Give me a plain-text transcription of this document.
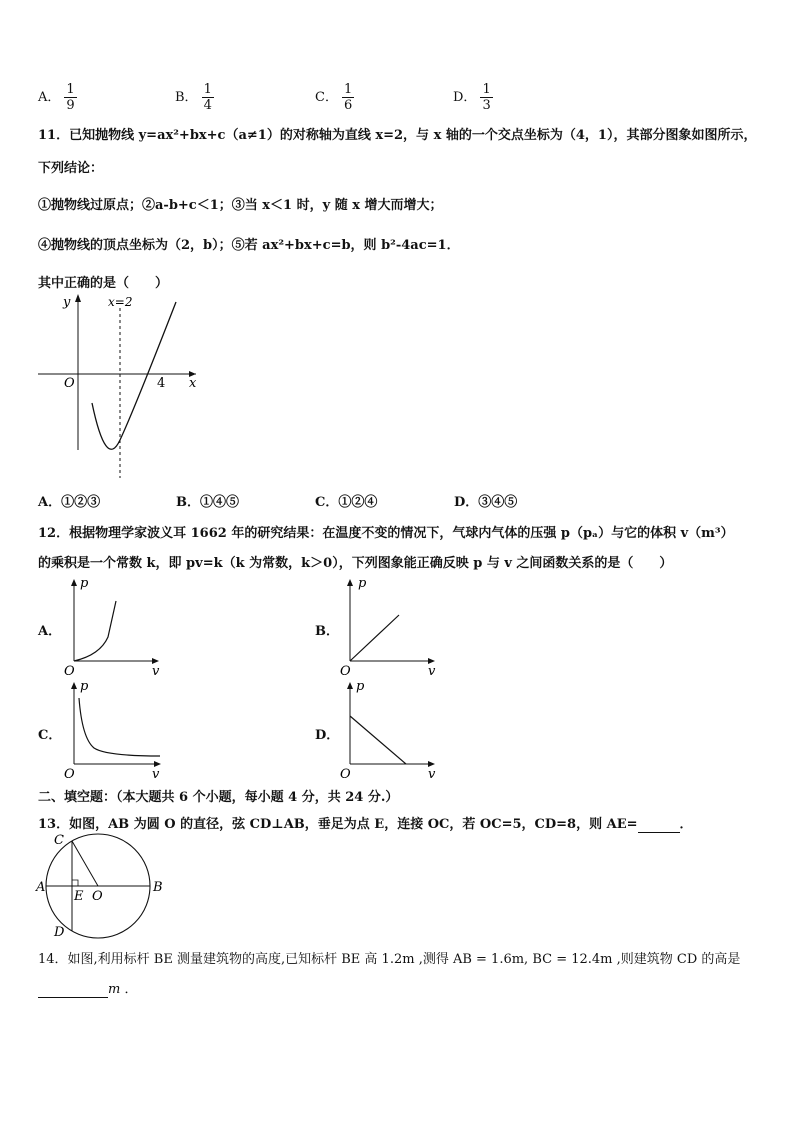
A． $\frac{1}{9}$	B． $\frac{1}{4}$	C． $\frac{1}{6}$	D． $\frac{1}{3}$
11．已知抛物线 y=ax²+bx+c（a≠1）的对称轴为直线 x=2，与 x 轴的一个交点坐标为（4，1），其部分图象如图所示，
下列结论：
①抛物线过原点；②a-b+c＜1；③当 x＜1 时，y 随 x 增大而增大；
④抛物线的顶点坐标为（2，b）；⑤若 ax²+bx+c=b，则 b²-4ac=1．
其中正确的是（　　）
y	x=2
O	4 x
A．①②③	B．①④⑤	C．①②④	D．③④⑤
12．根据物理学家波义耳 1662 年的研究结果：在温度不变的情况下，气球内气体的压强 p（pₐ）与它的体积 v（m³）
的乘积是一个常数 k，即 pv=k（k 为常数，k＞0），下列图象能正确反映 p 与 v 之间函数关系的是（　　）
A．
p
O	v
B．
p
O	v
C．
p
O	v
D．
p
O	v
二、填空题：（本大题共 6 个小题，每小题 4 分，共 24 分.）
13．如图，AB 为圆 O 的直径，弦 CD⊥AB，垂足为点 E，连接 OC，若 OC=5，CD=8，则 AE=	．
C
A
E O
B
D
14．如图,利用标杆 BE 测量建筑物的高度,已知标杆 BE 高 1.2m ,测得 AB = 1.6m, BC = 12.4m ,则建筑物 CD 的高是
m ．
